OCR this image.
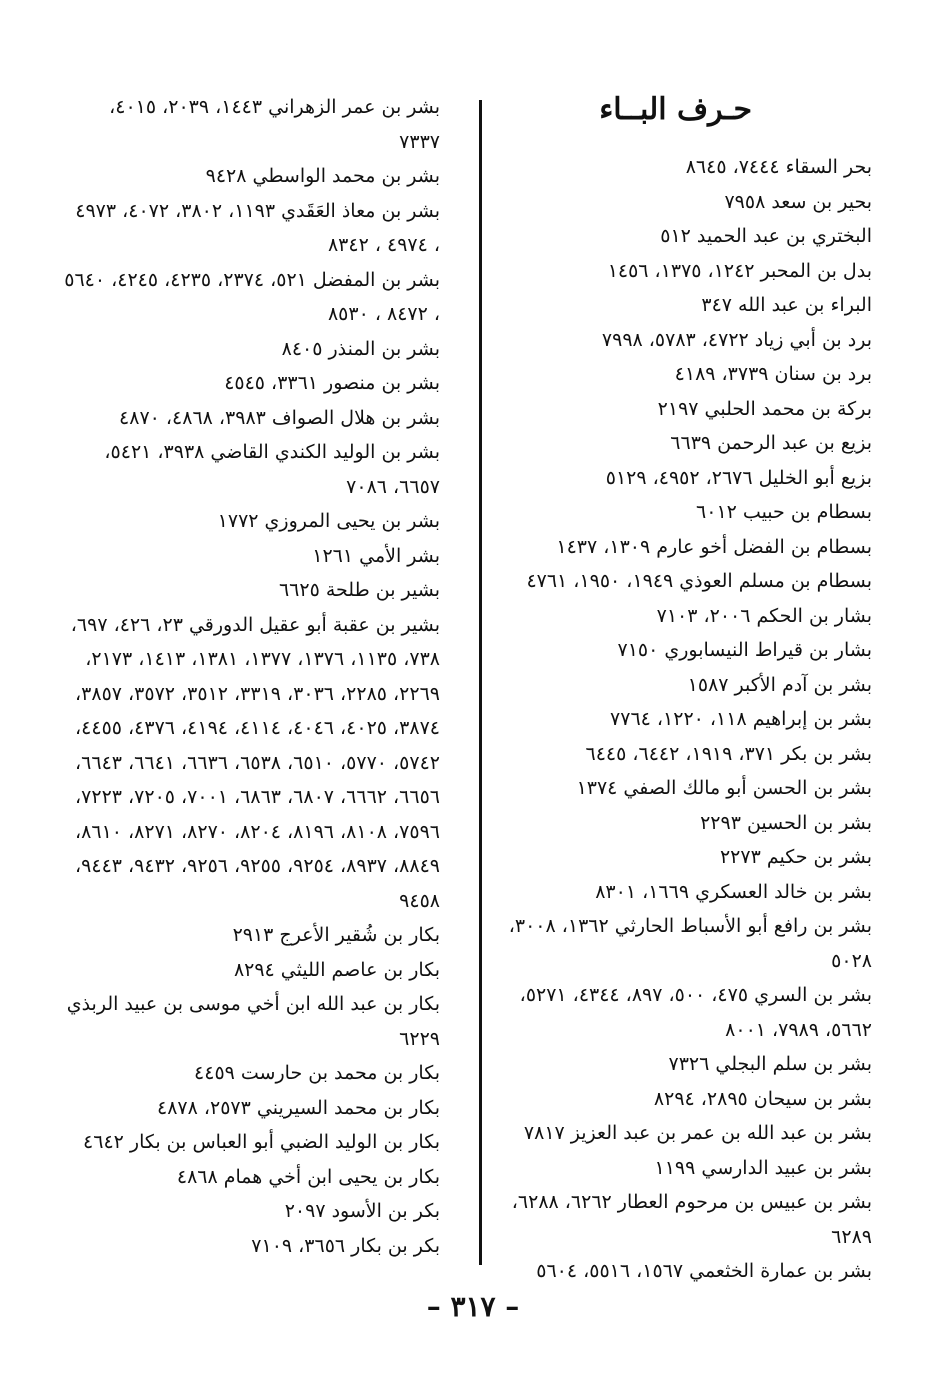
حـرف البــاء
بحر السقاء ٧٤٤٤، ٨٦٤٥
بحير بن سعد ٧٩٥٨
البختري بن عبد الحميد ٥١٢
بدل بن المحبر ١٢٤٢، ١٣٧٥، ١٤٥٦
البراء بن عبد الله ٣٤٧
برد بن أبي زياد ٤٧٢٢، ٥٧٨٣، ٧٩٩٨
برد بن سنان ٣٧٣٩، ٤١٨٩
بركة بن محمد الحلبي ٢١٩٧
بزيع بن عبد الرحمن ٦٦٣٩
بزيع أبو الخليل ٢٦٧٦، ٤٩٥٢، ٥١٢٩
بسطام بن حبيب ٦٠١٢
بسطام بن الفضل أخو عارم ١٣٠٩، ١٤٣٧
بسطام بن مسلم العوذي ١٩٤٩، ١٩٥٠، ٤٧٦١
بشار بن الحكم ٢٠٠٦، ٧١٠٣
بشار بن قيراط النيسابوري ٧١٥٠
بشر بن آدم الأكبر ١٥٨٧
بشر بن إبراهيم ١١٨، ١٢٢٠، ٧٧٦٤
بشر بن بكر ٣٧١، ١٩١٩، ٦٤٤٢، ٦٤٤٥
بشر بن الحسن أبو مالك الصفي ١٣٧٤
بشر بن الحسين ٢٢٩٣
بشر بن حكيم ٢٢٧٣
بشر بن خالد العسكري ١٦٦٩، ٨٣٠١
بشر بن رافع أبو الأسباط الحارثي ١٣٦٢، ٣٠٠٨، ٥٠٢٨
بشر بن السري ٤٧٥، ٥٠٠، ٨٩٧، ٤٣٤٤، ٥٢٧١، ٥٦٦٢، ٧٩٨٩، ٨٠٠١
بشر بن سلم البجلي ٧٣٢٦
بشر بن سيحان ٢٨٩٥، ٨٢٩٤
بشر بن عبد الله بن عمر بن عبد العزيز ٧٨١٧
بشر بن عبيد الدارسي ١١٩٩
بشر بن عبيس بن مرحوم العطار ٦٢٦٢، ٦٢٨٨، ٦٢٨٩
بشر بن عمارة الخثعمي ١٥٦٧، ٥٥١٦، ٥٦٠٤
بشر بن عمر الزهراني ١٤٤٣، ٢٠٣٩، ٤٠١٥، ٧٣٣٧
بشر بن محمد الواسطي ٩٤٢٨
بشر بن معاذ العَقَدي ١١٩٣، ٣٨٠٢، ٤٠٧٢، ٤٩٧٣ ، ٤٩٧٤ ، ٨٣٤٢
بشر بن المفضل ٥٢١، ٢٣٧٤، ٤٢٣٥، ٤٢٤٥، ٥٦٤٠ ، ٨٤٧٢ ، ٨٥٣٠
بشر بن المنذر ٨٤٠٥
بشر بن منصور ٣٣٦١، ٤٥٤٥
بشر بن هلال الصواف ٣٩٨٣، ٤٨٦٨، ٤٨٧٠
بشر بن الوليد الكندي القاضي ٣٩٣٨، ٥٤٢١، ٦٦٥٧، ٧٠٨٦
بشر بن يحيى المروزي ١٧٧٢
بشر الأمي ١٢٦١
بشير بن طلحة ٦٦٢٥
بشير بن عقبة أبو عقيل الدورقي ٢٣، ٤٢٦، ٦٩٧، ٧٣٨، ١١٣٥، ١٣٧٦، ١٣٧٧، ١٣٨١، ١٤١٣، ٢١٧٣، ٢٢٦٩، ٢٢٨٥، ٣٠٣٦، ٣٣١٩، ٣٥١٢، ٣٥٧٢، ٣٨٥٧، ٣٨٧٤، ٤٠٢٥، ٤٠٤٦، ٤١١٤، ٤١٩٤، ٤٣٧٦، ٤٤٥٥، ٥٧٤٢، ٥٧٧٠، ٦٥١٠، ٦٥٣٨، ٦٦٣٦، ٦٦٤١، ٦٦٤٣، ٦٦٥٦، ٦٦٦٢، ٦٨٠٧، ٦٨٦٣، ٧٠٠١، ٧٢٠٥، ٧٢٢٣، ٧٥٩٦، ٨١٠٨، ٨١٩٦، ٨٢٠٤، ٨٢٧٠، ٨٢٧١، ٨٦١٠، ٨٨٤٩، ٨٩٣٧، ٩٢٥٤، ٩٢٥٥، ٩٢٥٦، ٩٤٣٢، ٩٤٤٣، ٩٤٥٨
بكار بن شُقير الأعرج ٢٩١٣
بكار بن عاصم الليثي ٨٢٩٤
بكار بن عبد الله ابن أخي موسى بن عبيد الربذي ٦٢٢٩
بكار بن محمد بن حارست ٤٤٥٩
بكار بن محمد السيريني ٢٥٧٣، ٤٨٧٨
بكار بن الوليد الضبي أبو العباس بن بكار ٤٦٤٢
بكار بن يحيى ابن أخي همام ٤٨٦٨
بكر بن الأسود ٢٠٩٧
بكر بن بكار ٣٦٥٦، ٧١٠٩
– ٣١٧ –
